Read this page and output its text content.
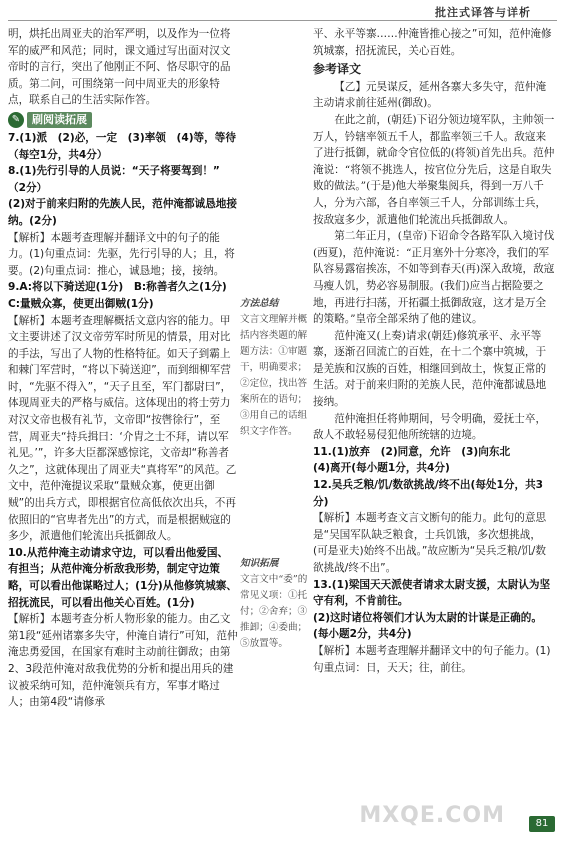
批注式译答与详析

明，烘托出周亚夫的治军严明，以及作为一位将军的威严和风范；同时，课文通过写出面对汉文帝时的言行，突出了他刚正不阿、恪尽职守的品质。第二问，可围绕第一问中周亚夫的形象特点，联系自己的生活实际作答。

✎	刷阅读拓展

7.(1)派　(2)必，一定　(3)率领　(4)等，等待

（每空1分，共4分）

8.(1)先行引导的人员说：“天子将要驾到！”

（2分）

(2)对于前来归附的先族人民，范仲淹都诚恳地接纳。(2分)

【解析】本题考查理解并翻译文中的句子的能力。(1)句重点词：先驱，先行引导的人；且，将要。(2)句重点词：推心，诚恳地；接，接纳。

9.A:将以下骑送迎(1分)　B:称善者久之(1分)

C:量贼众寡，使更出御贼(1分)

【解析】本题考查理解概括文意内容的能力。甲文主要讲述了汉文帝劳军时所见的情景，用对比的手法，写出了人物的性格特征。如天子到霸上和棘门军营时，“将以下骑送迎”，而到细柳军营时，“先驱不得入”，“天子且至，军门都尉曰”，体现周亚夫的严格与威信。这体现出的将士劳力对汉文帝也极有礼节，文帝即“按辔徐行”，至营，周亚夫“持兵揖曰：‘介胄之士不拜，请以军礼见。’”，许多大臣都深感惊诧，文帝却“称善者久之”，这就体现出了周亚夫“真将军”的风范。乙文中，范仲淹提议采取“量贼众寡，使更出御贼”的出兵方式，即根据官位高低依次出兵，不再依照旧的“官卑者先出”的方式，而是根据贼寇的多少，派遣他们轮流出兵抵御敌人。

10.从范仲淹主动请求守边，可以看出他爱国、有担当；从范仲淹分析敌我形势，制定守边策略，可以看出他谋略过人；(1分)从他修筑城寨、招抚流民，可以看出他关心百姓。(1分)

【解析】本题考查分析人物形象的能力。由乙文第1段“延州诸寨多失守，仲淹自请行”可知，范仲淹忠勇爱国，在国家有难时主动前往御敌；由第2、3段范仲淹对敌我优势的分析和提出用兵的建议被采纳可知，范仲淹领兵有方，军事才略过人；由第4段“请修承

方法总结

文言文理解并概括内容类题的解题方法：①审题干，明确要求；②定位，找出答案所在的语句；③用自己的话组织文字作答。

知识拓展

文言文中“委”的常见义项：①托付；②舍弃；③推卸；④委曲；⑤放置等。

平、永平等寨……仲淹皆推心接之”可知，范仲淹修筑城寨，招抚流民，关心百姓。

参考译文

【乙】元昊谋反，延州各寨大多失守，范仲淹主动请求前往延州(御敌)。

在此之前，(朝廷)下诏分领边境军队，主帅领一万人，钤辖率领五千人，都监率领三千人。敌寇来了进行抵御，就命令官位低的(将领)首先出兵。范仲淹说：“将领不挑选人，按官位分先后，这是自取失败的做法。”(于是)他大举聚集阅兵，得到一万八千人，分为六部，各自率领三千人，分部训练士兵，按敌寇多少，派遣他们轮流出兵抵御敌人。

第二年正月，(皇帝)下诏命令各路军队入境讨伐(西夏)，范仲淹说：“正月塞外十分寒冷，我们的军队容易露宿挨冻，不如等到春天(再)深入敌境，敌寇马瘦人饥，势必容易制服。(我们)应当占据险要之地，再进行扫荡，开拓疆土抵御敌寇，这才是万全的策略。”皇帝全部采纳了他的建议。

范仲淹又(上奏)请求(朝廷)修筑承平、永平等寨，逐渐召回流亡的百姓，在十二个寨中筑城，于是羌族和汉族的百姓，相继回到故土，恢复正常的生活。对于前来归附的羌族人民，范仲淹都诚恳地接纳。

范仲淹担任将帅期间，号令明确，爱抚士卒，敌人不敢轻易侵犯他所统辖的边境。

11.(1)放弃　(2)同意，允许　(3)向东北

(4)离开(每小题1分，共4分)

12.吴兵乏粮/饥/数欲挑战/终不出(每处1分，共3分)

【解析】本题考查文言文断句的能力。此句的意思是“吴国军队缺乏粮食，士兵饥饿，多次想挑战，(可是亚夫)始终不出战。”故应断为“吴兵乏粮/饥/数欲挑战/终不出”。

13.(1)梁国天天派使者请求太尉支援，太尉认为坚守有利，不肯前往。

(2)这时诸位将领们才认为太尉的计谋是正确的。(每小题2分，共4分)

【解析】本题考查理解并翻译文中的句子能力。(1)句重点词：日，天天；往，前往。

MXQE.COM	81
